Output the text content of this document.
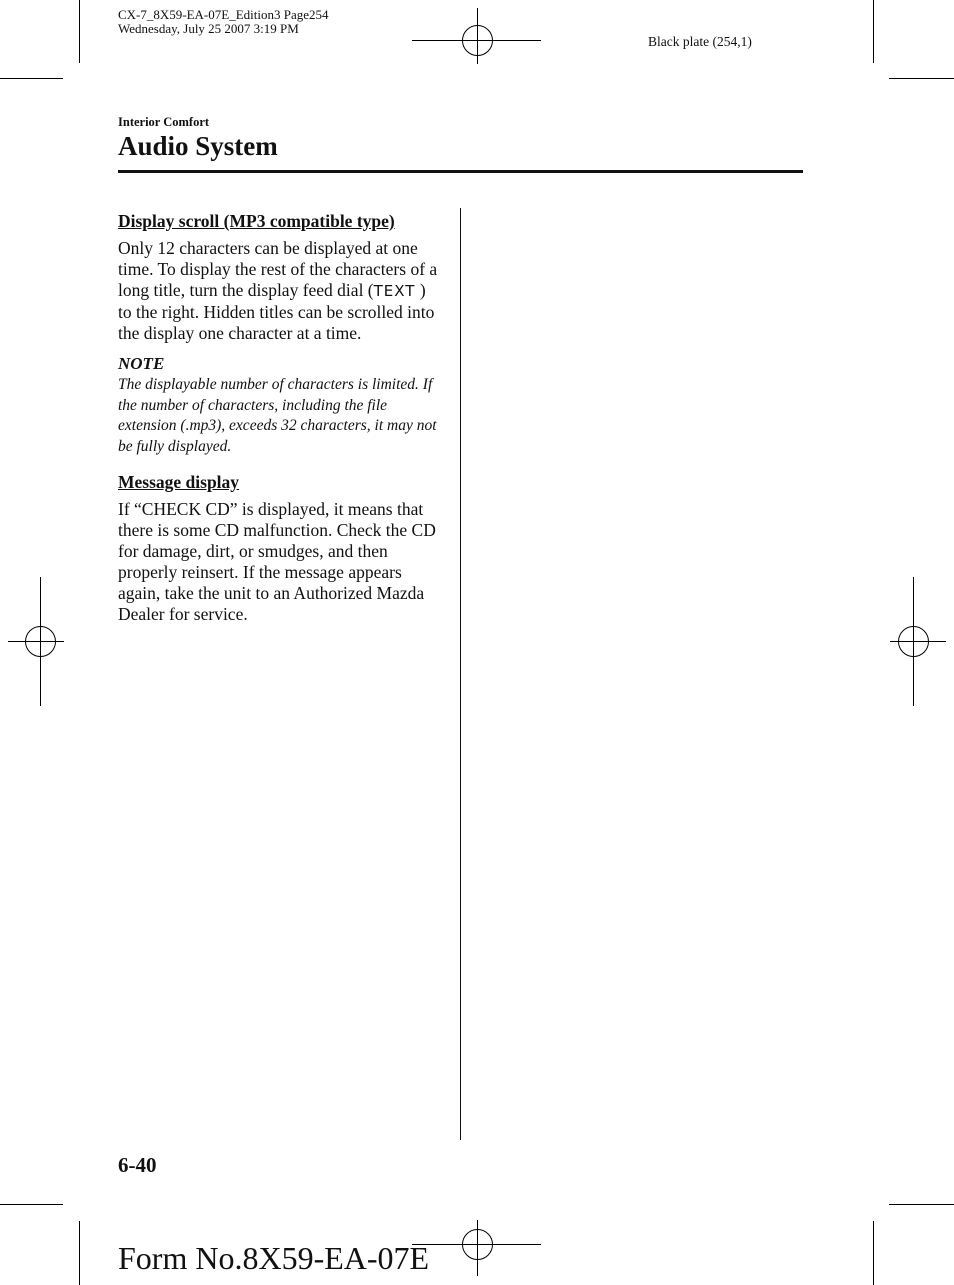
CX-7_8X59-EA-07E_Edition3 Page254
Wednesday, July 25 2007 3:19 PM
Black plate (254,1)
Interior Comfort
Audio System
Display scroll (MP3 compatible type)

Only 12 characters can be displayed at one time. To display the rest of the characters of a long title, turn the display feed dial (TEXT ) to the right. Hidden titles can be scrolled into the display one character at a time.

NOTE

The displayable number of characters is limited. If the number of characters, including the file extension (.mp3), exceeds 32 characters, it may not be fully displayed.

Message display

If “CHECK CD” is displayed, it means that there is some CD malfunction. Check the CD for damage, dirt, or smudges, and then properly reinsert. If the message appears again, take the unit to an Authorized Mazda Dealer for service.

6-40
Form No.8X59-EA-07E
